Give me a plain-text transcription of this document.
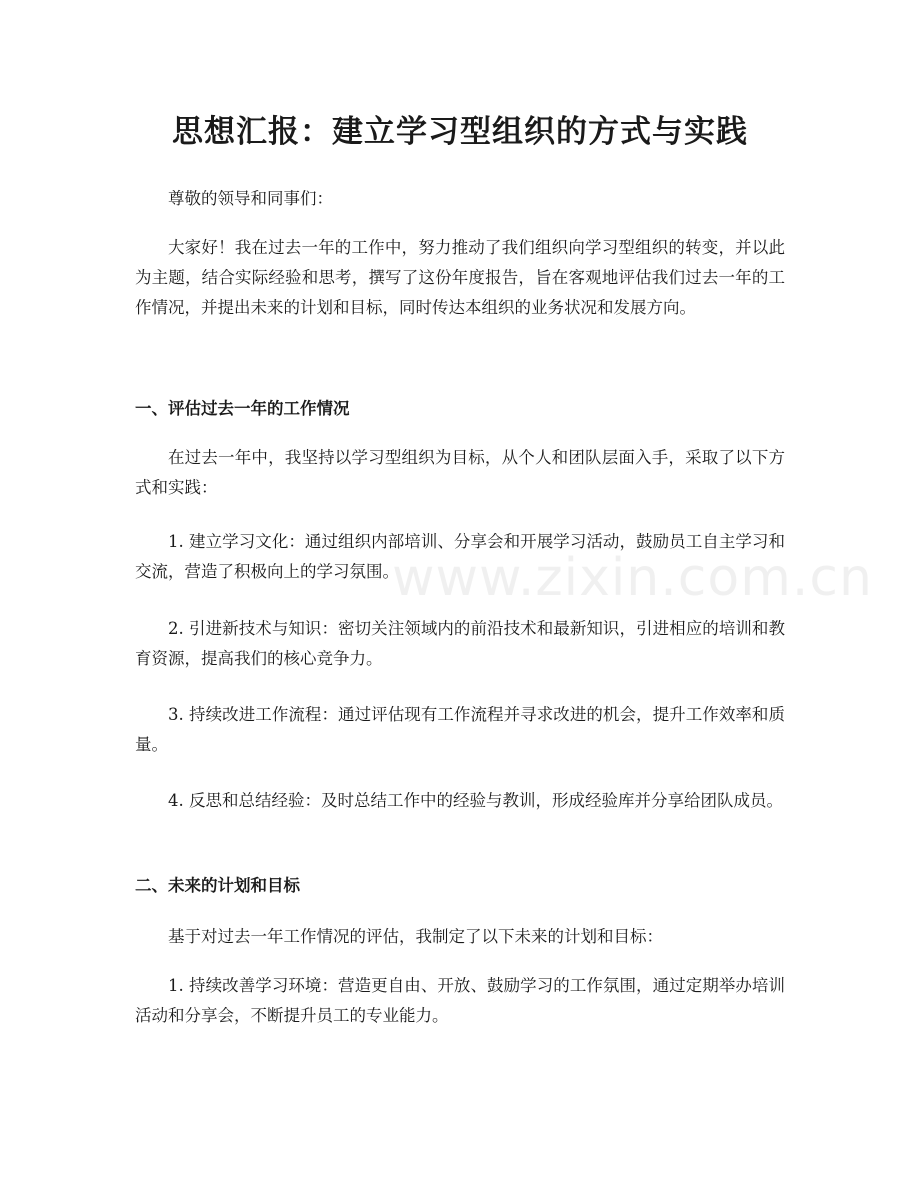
思想汇报：建立学习型组织的方式与实践

尊敬的领导和同事们：

大家好！我在过去一年的工作中，努力推动了我们组织向学习型组织的转变，并以此为主题，结合实际经验和思考，撰写了这份年度报告，旨在客观地评估我们过去一年的工作情况，并提出未来的计划和目标，同时传达本组织的业务状况和发展方向。

一、评估过去一年的工作情况

在过去一年中，我坚持以学习型组织为目标，从个人和团队层面入手，采取了以下方式和实践：

1. 建立学习文化：通过组织内部培训、分享会和开展学习活动，鼓励员工自主学习和交流，营造了积极向上的学习氛围。

2. 引进新技术与知识：密切关注领域内的前沿技术和最新知识，引进相应的培训和教育资源，提高我们的核心竞争力。

3. 持续改进工作流程：通过评估现有工作流程并寻求改进的机会，提升工作效率和质量。

4. 反思和总结经验：及时总结工作中的经验与教训，形成经验库并分享给团队成员。

二、未来的计划和目标

基于对过去一年工作情况的评估，我制定了以下未来的计划和目标：

1. 持续改善学习环境：营造更自由、开放、鼓励学习的工作氛围，通过定期举办培训活动和分享会，不断提升员工的专业能力。

www.zixin.com.cn
